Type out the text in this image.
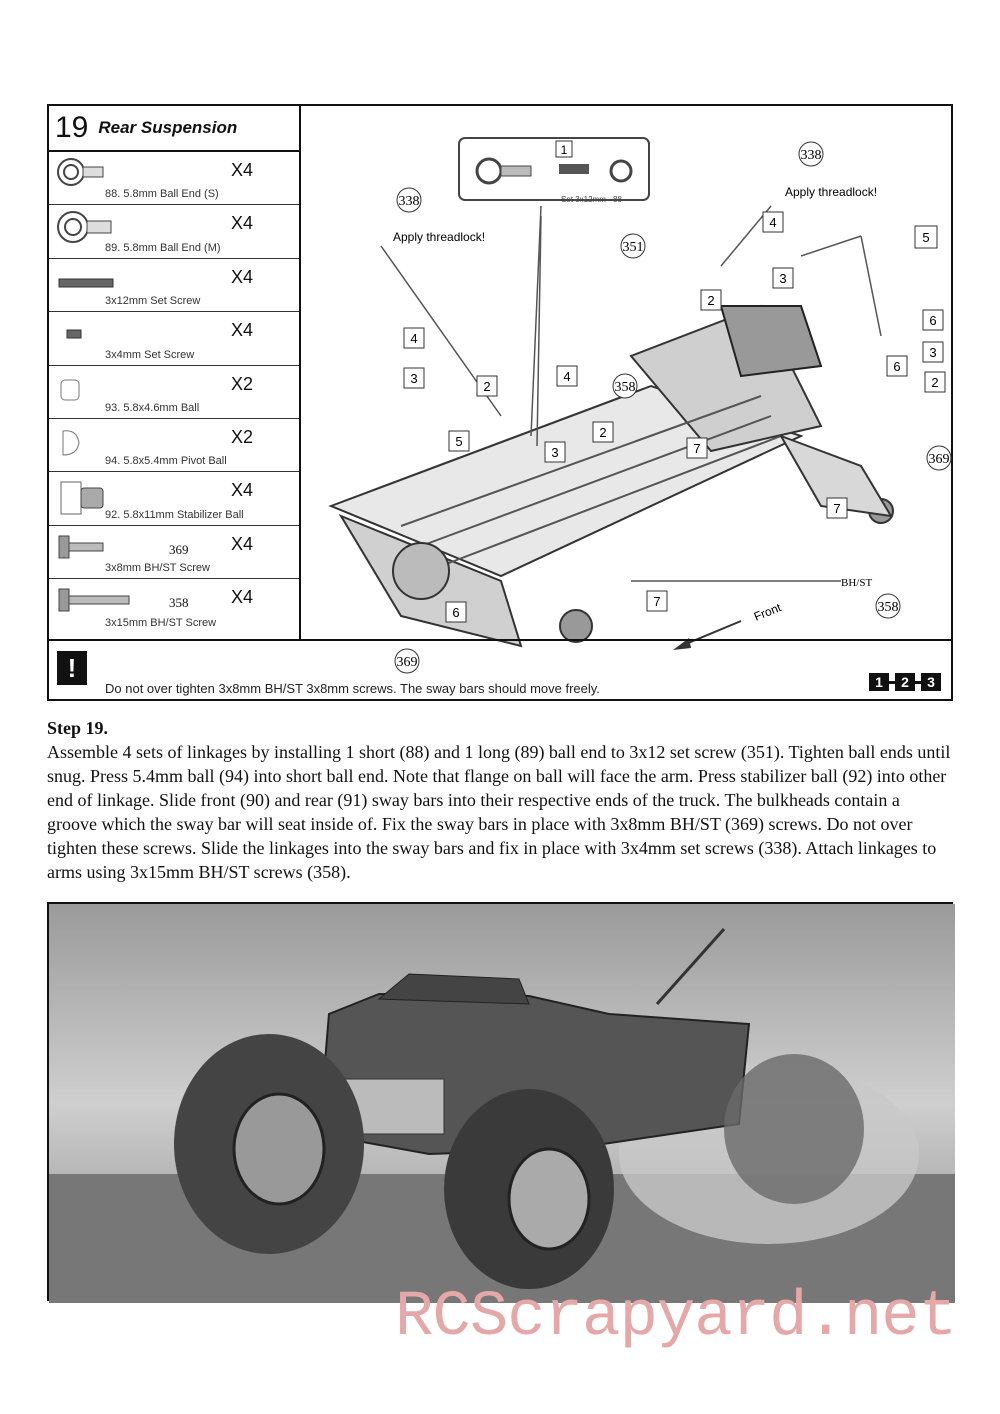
19 Rear Suspension
X4
88. 5.8mm Ball End (S)
X4
89. 5.8mm Ball End (M)
X4
3x12mm Set Screw
X4
3x4mm Set Screw
X2
93. 5.8x4.6mm Ball
X2
94. 5.8x5.4mm Pivot Ball
X4
92. 5.8x11mm Stabilizer Ball
369 X4
3x8mm BH/ST Screw
358 X4
3x15mm BH/ST Screw
1
Set 3x12mm 88
4
3
2
5
4
3
2
4
3
2
5
6
3
2
6
7
7
7
6
338
351
338
358
369
358
369
Apply threadlock!
Apply threadlock!
BH/ST
Front
!
Do not over tighten 3x8mm BH/ST 3x8mm screws. The sway bars should move freely.	1	2	3
Step 19.
Assemble 4 sets of linkages by installing 1 short (88) and 1 long (89) ball end to 3x12 set screw (351). Tighten ball ends until snug. Press 5.4mm ball (94) into short ball end. Note that flange on ball will face the arm. Press stabilizer ball (92) into other end of linkage. Slide front (90) and rear (91) sway bars into their respective ends of the truck. The bulkheads contain a groove which the sway bar will seat inside of. Fix the sway bars in place with 3x8mm BH/ST (369) screws. Do not over tighten these screws. Slide the linkages into the sway bars and fix in place with 3x4mm set screws (338). Attach linkages to arms using 3x15mm BH/ST screws (358).
RCScrapyard.net
